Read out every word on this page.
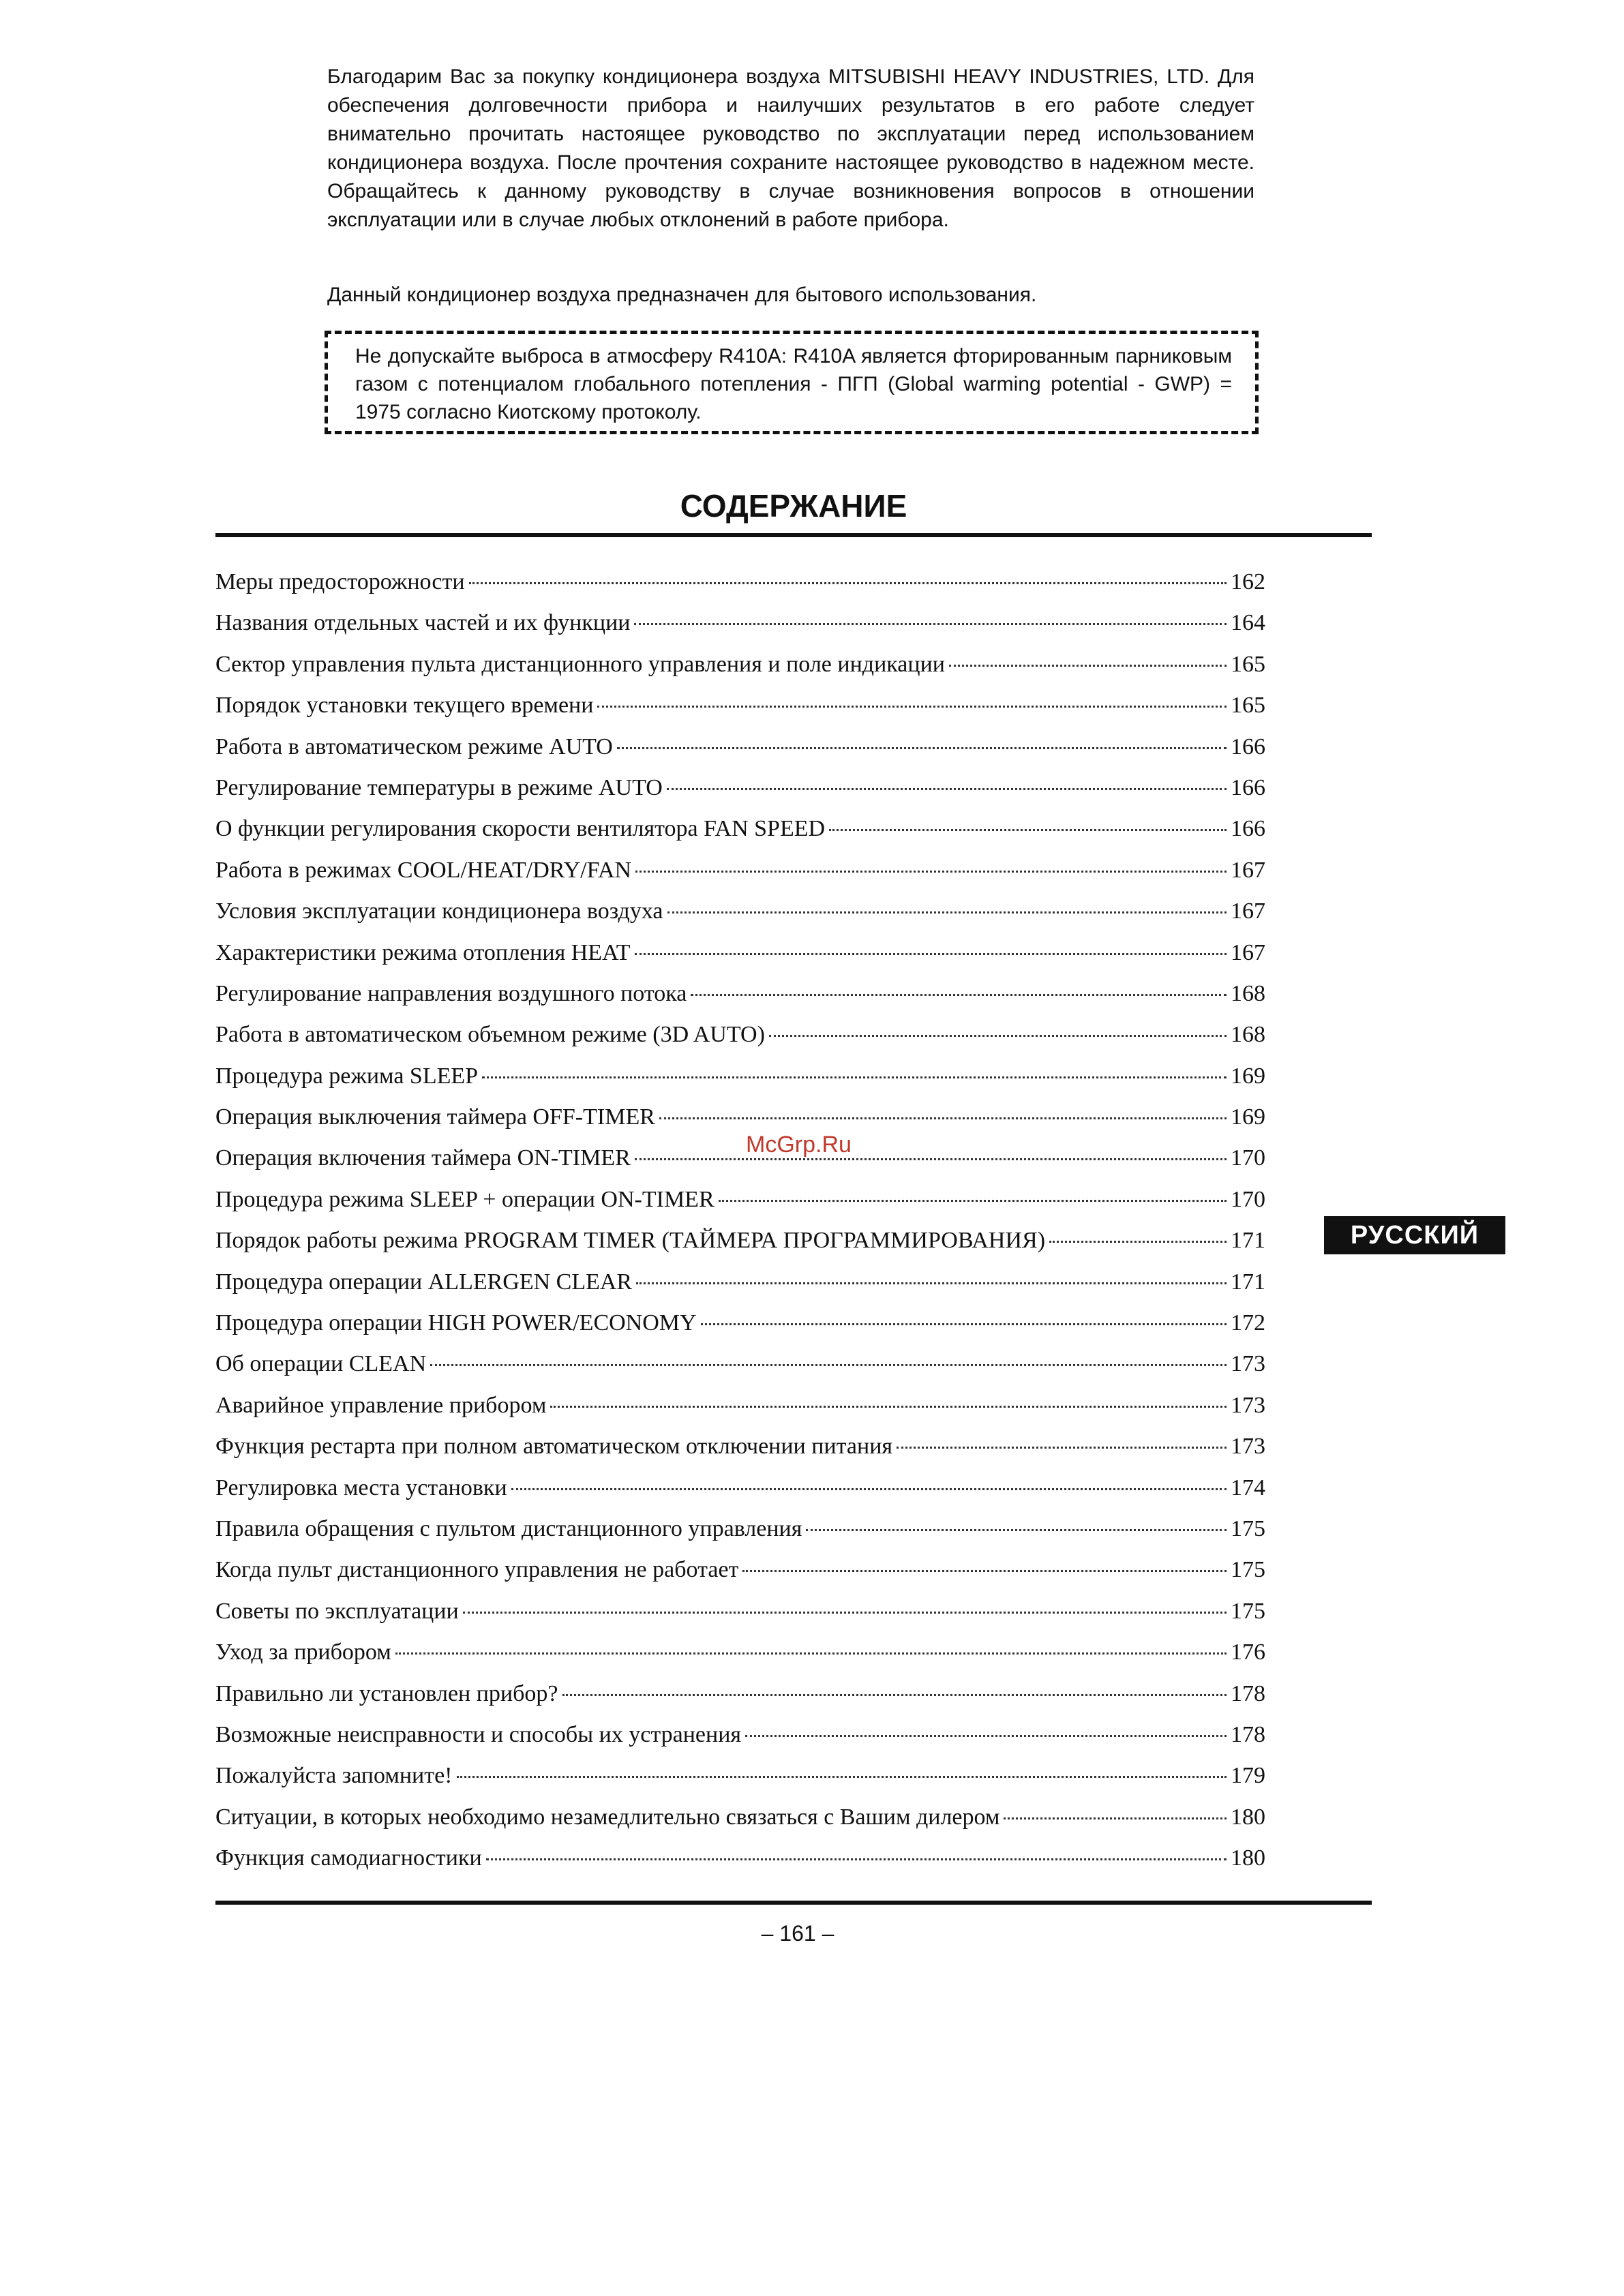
Благодарим Вас за покупку кондиционера воздуха MITSUBISHI HEAVY INDUSTRIES, LTD. Для обеспечения долговечности прибора и наилучших результатов в его работе следует внимательно прочитать настоящее руководство по эксплуатации перед использованием кондиционера воздуха. После прочтения сохраните настоящее руководство в надежном месте. Обращайтесь к данному руководству в случае возникновения вопросов в отношении эксплуатации или в случае любых отклонений в работе прибора.

Данный кондиционер воздуха предназначен для бытового использования.

Не допускайте выброса в атмосферу R410A: R410A является фторированным парниковым газом с потенциалом глобального потепления - ПГП (Global warming potential - GWP) = 1975 согласно Киотскому протоколу.
СОДЕРЖАНИЕ
Меры предосторожности	162
Названия отдельных частей и их функции	164
Сектор управления пульта дистанционного управления и поле индикации	165
Порядок установки текущего времени	165
Работа в автоматическом режиме AUTO	166
Регулирование температуры в режиме AUTO	166
О функции регулирования скорости вентилятора FAN SPEED	166
Работа в режимах COOL/HEAT/DRY/FAN	167
Условия эксплуатации кондиционера воздуха	167
Характеристики режима отопления HEAT	167
Регулирование направления воздушного потока	168
Работа в автоматическом объемном режиме (3D AUTO)	168
Процедура режима SLEEP	169
Операция выключения таймера OFF-TIMER	169
Операция включения таймера ON-TIMER	170
Процедура режима SLEEP + операции ON-TIMER	170
Порядок работы режима PROGRAM TIMER (ТАЙМЕРА ПРОГРАММИРОВАНИЯ)	171
Процедура операции ALLERGEN CLEAR	171
Процедура операции HIGH POWER/ECONOMY	172
Об операции CLEAN	173
Аварийное управление прибором	173
Функция рестарта при полном автоматическом отключении питания	173
Регулировка места установки	174
Правила обращения с пультом дистанционного управления	175
Когда пульт дистанционного управления не работает	175
Советы по эксплуатации	175
Уход за прибором	176
Правильно ли установлен прибор?	178
Возможные неисправности и способы их устранения	178
Пожалуйста запомните!	179
Ситуации, в которых необходимо незамедлительно связаться с Вашим дилером	180
Функция самодиагностики	180
РУССКИЙ
McGrp.Ru
– 161 –
